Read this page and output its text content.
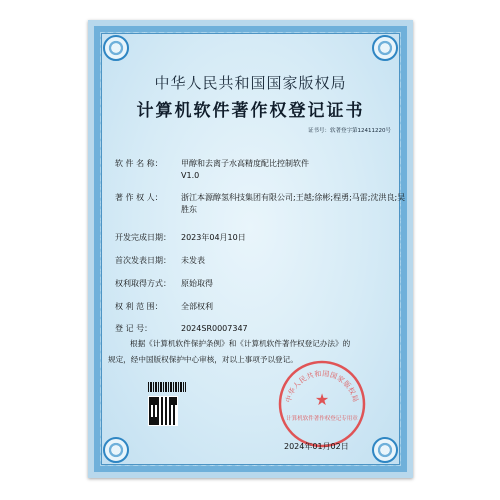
中华人民共和国国家版权局
计算机软件著作权登记证书
证书号：软著登字第12411220号
软 件 名 称：	甲醇和去离子水高精度配比控制软件
V1.0
著 作 权 人：	浙江本源醇氢科技集团有限公司;王越;徐彬;程勇;马雷;沈洪良;吴胜东
开发完成日期： 2023年04月10日
首次发表日期： 未发表
权利取得方式： 原始取得
权 利 范 围：	全部权利
登 记 号：	2024SR0007347
根据《计算机软件保护条例》和《计算机软件著作权登记办法》的
规定，经中国版权保护中心审核，对以上事项予以登记。
中华人民共和国国家版权局
★
计算机软件著作权登记专用章
2024年01月02日
